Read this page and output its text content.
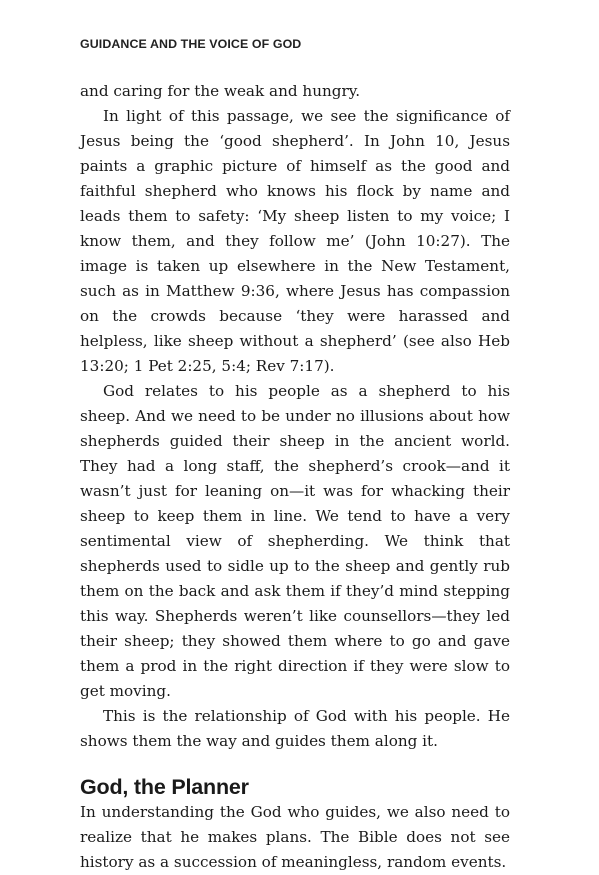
GUIDANCE AND THE VOICE OF GOD

and caring for the weak and hungry.

In light of this passage, we see the significance of Jesus being the ‘good shepherd’. In John 10, Jesus paints a graphic picture of himself as the good and faithful shepherd who knows his flock by name and leads them to safety: ‘My sheep listen to my voice; I know them, and they follow me’ (John 10:27). The image is taken up elsewhere in the New Testament, such as in Matthew 9:36, where Jesus has compassion on the crowds because ‘they were harassed and helpless, like sheep without a shepherd’ (see also Heb 13:20; 1 Pet 2:25, 5:4; Rev 7:17).

God relates to his people as a shepherd to his sheep. And we need to be under no illusions about how shepherds guided their sheep in the ancient world. They had a long staff, the shepherd’s crook—and it wasn’t just for leaning on—it was for whacking their sheep to keep them in line. We tend to have a very sentimental view of shepherding. We think that shepherds used to sidle up to the sheep and gently rub them on the back and ask them if they’d mind stepping this way. Shepherds weren’t like counsellors—they led their sheep; they showed them where to go and gave them a prod in the right direction if they were slow to get moving.

This is the relationship of God with his people. He shows them the way and guides them along it.

God, the Planner

In understanding the God who guides, we also need to realize that he makes plans. The Bible does not see history as a succession of meaningless, random events.
